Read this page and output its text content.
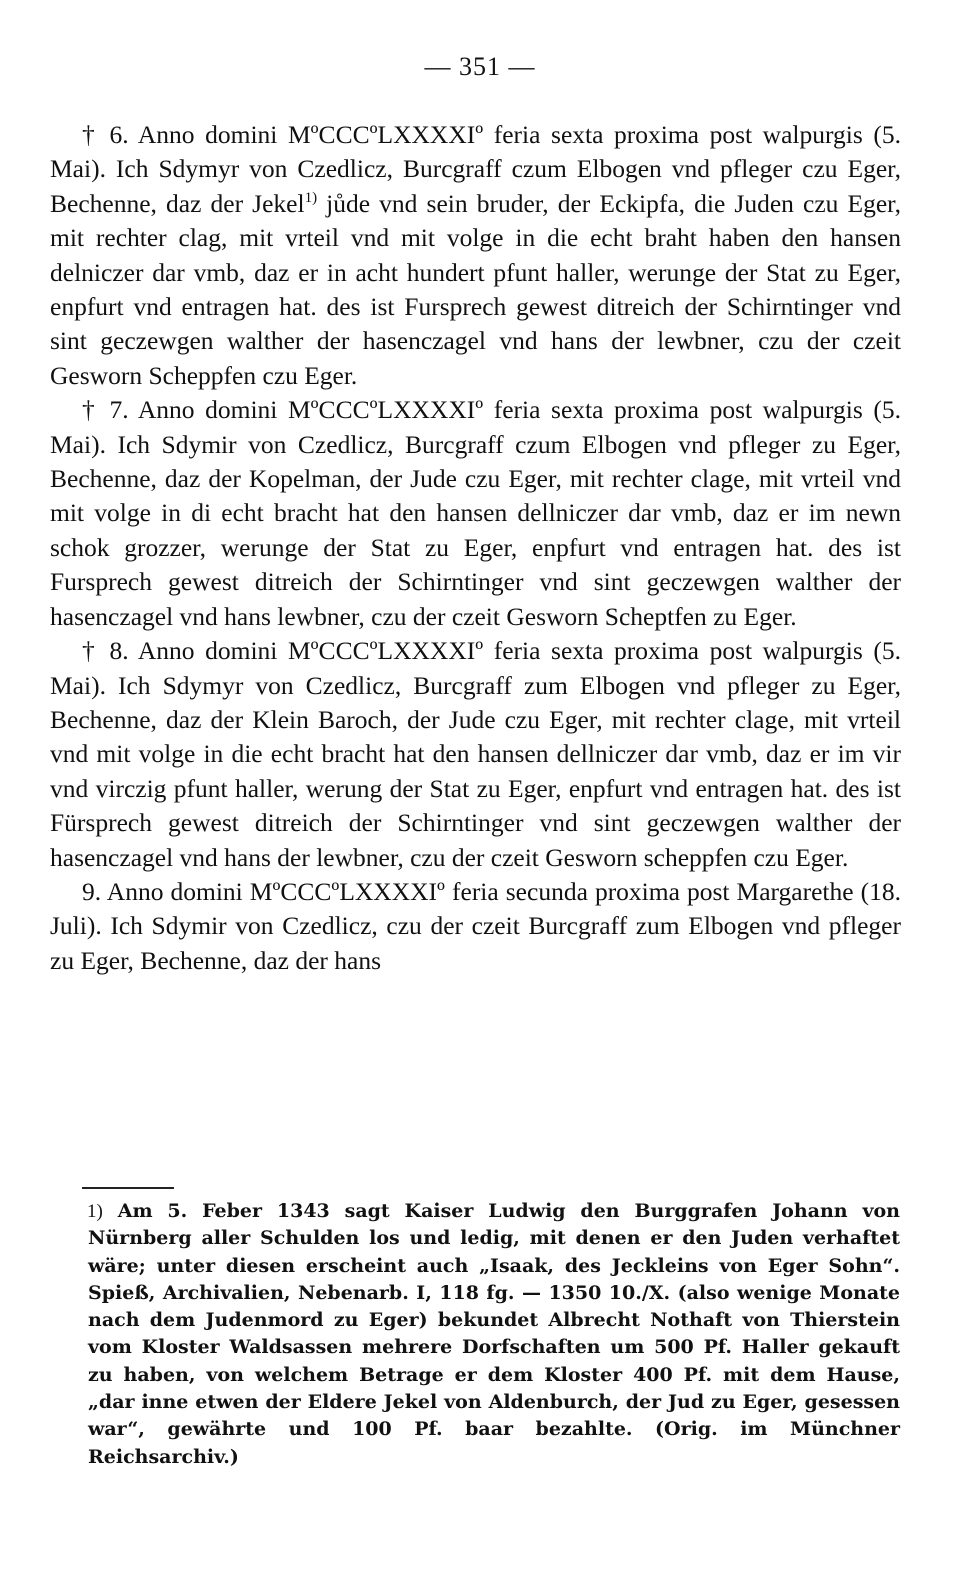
— 351 —

† 6. Anno domini MºCCCºLXXXXIº feria sexta proxima post walpurgis (5. Mai). Ich Sdymyr von Czedlicz, Burcgraff czum Elbogen vnd pfleger czu Eger, Bechenne, daz der Jekel$^{1)}$ jůde vnd sein bruder, der Eckipfa, die Juden czu Eger, mit rechter clag, mit vrteil vnd mit volge in die echt braht haben den hansen delniczer dar vmb, daz er in acht hundert pfunt haller, werunge der Stat zu Eger, enpfurt vnd entragen hat. des ist Fursprech gewest ditreich der Schirntinger vnd sint geczewgen walther der hasenczagel vnd hans der lewbner, czu der czeit Gesworn Scheppfen czu Eger.

† 7. Anno domini MºCCCºLXXXXIº feria sexta proxima post walpurgis (5. Mai). Ich Sdymir von Czedlicz, Burcgraff czum Elbogen vnd pfleger zu Eger, Bechenne, daz der Kopelman, der Jude czu Eger, mit rechter clage, mit vrteil vnd mit volge in di echt bracht hat den hansen dellniczer dar vmb, daz er im newn schok grozzer, werunge der Stat zu Eger, enpfurt vnd entragen hat. des ist Fursprech gewest ditreich der Schirntinger vnd sint geczewgen walther der hasenczagel vnd hans lewbner, czu der czeit Gesworn Scheptfen zu Eger.

† 8. Anno domini MºCCCºLXXXXIº feria sexta proxima post walpurgis (5. Mai). Ich Sdymyr von Czedlicz, Burcgraff zum Elbogen vnd pfleger zu Eger, Bechenne, daz der Klein Baroch, der Jude czu Eger, mit rechter clage, mit vrteil vnd mit volge in die echt bracht hat den hansen dellniczer dar vmb, daz er im vir vnd virczig pfunt haller, werung der Stat zu Eger, enpfurt vnd entragen hat. des ist Fürsprech gewest ditreich der Schirntinger vnd sint geczewgen walther der hasenczagel vnd hans der lewbner, czu der czeit Gesworn scheppfen czu Eger.

9. Anno domini MºCCCºLXXXXIº feria secunda proxima post Margarethe (18. Juli). Ich Sdymir von Czedlicz, czu der czeit Burcgraff zum Elbogen vnd pfleger zu Eger, Bechenne, daz der hans

1) Am 5. Feber 1343 sagt Kaiser Ludwig den Burggrafen Johann von Nürnberg aller Schulden los und ledig, mit denen er den Juden verhaftet wäre; unter diesen erscheint auch „Isaak, des Jeckleins von Eger Sohn“. Spieß, Archivalien, Nebenarb. I, 118 fg. — 1350 10./X. (also wenige Monate nach dem Judenmord zu Eger) bekundet Albrecht Nothaft von Thierstein vom Kloster Waldsassen mehrere Dorfschaften um 500 Pf. Haller gekauft zu haben, von welchem Betrage er dem Kloster 400 Pf. mit dem Hause, „dar inne etwen der Eldere Jekel von Aldenburch, der Jud zu Eger, gesessen war“, gewährte und 100 Pf. baar bezahlte. (Orig. im Münchner Reichsarchiv.)
